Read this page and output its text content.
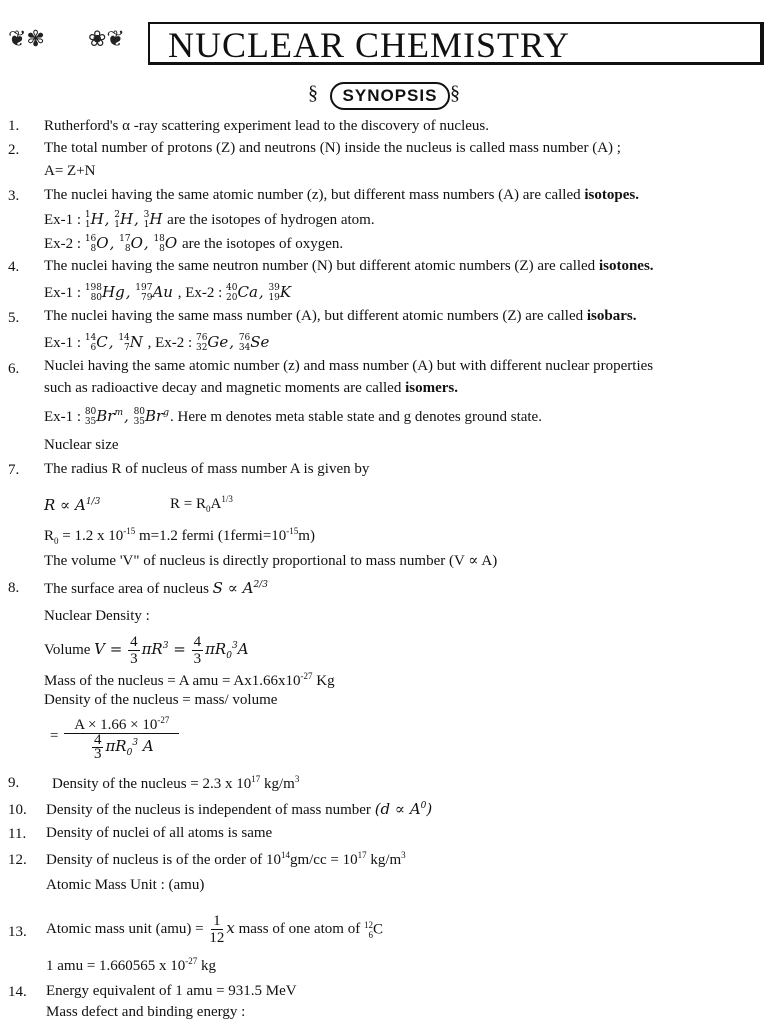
❦✾ ❀❦ NUCLEAR CHEMISTRY
§	SYNOPSIS §
1. Rutherford's α -ray scattering experiment lead to the discovery of nucleus.
2. The total number of protons (Z) and neutrons (N) inside the nucleus is called mass number (A) ;
A= Z+N
3. The nuclei having the same atomic number (z), but different mass numbers (A) are called isotopes.
Ex-1 : 1
1 H, 2
1 H, 3
1 H are the isotopes of hydrogen atom.
Ex-2 : 16
8 O, 17
8 O, 18
8 O are the isotopes of oxygen.
4. The nuclei having the same neutron number (N) but different atomic numbers (Z) are called isotones.
Ex-1 : 198
80 Hg, 197
79 Au , Ex-2 : 40
20 Ca, 39
19 K
5. The nuclei having the same mass number (A), but different atomic numbers (Z) are called isobars.
Ex-1 : 14
6 C, 14
7 N , Ex-2 : 76
32 Ge, 76
34 Se
6. Nuclei having the same atomic number (z) and mass number (A) but with different nuclear properties
such as radioactive decay and magnetic moments are called isomers.
Ex-1 : 80
35 Br$^m$, 80
35 Br$^g$. Here m denotes meta stable state and g denotes ground state.
Nuclear size
7. The radius R of nucleus of mass number A is given by
$R \propto A^{1/3}$	$R = R_0A^{1/3}$
$R_0 = 1.2$ x $10^{-15}$ m=1.2 fermi $(1fermi=10^{-15}m)$
The volume 'V" of nucleus is directly proportional to mass number (V ∝ A)
8. The surface area of nucleus $S \propto A^{2/3}$
Nuclear Density :
Volume $V = \frac{4}{3} \pi R^3 = \frac{4}{3} \pi R_0^3A$
Mass of the nucleus = A amu = $Ax1.66x10^{-27}$ Kg
Density of the nucleus = mass/ volume
= $\frac{A \times 1.66 \times 10^{-27}}{\frac{4}{3} \pi R_0^3 A}$
9. Density of the nucleus = 2.3 x $10^{17}$ $kg/m^3$
10. Density of the nucleus is independent of mass number $(d \propto A^0)$
11. Density of nuclei of all atoms is same
12. Density of nucleus is of the order of $10^{14}gm/cc = 10^{17}$ $kg/m^3$
Atomic Mass Unit : (amu)
13. Atomic mass unit $(amu) = \frac{1}{12}$ x mass of one atom of 12
6 C
1 amu = 1.660565 x $10^{-27}$ kg
14. Energy equivalent of 1 amu = 931.5 MeV
Mass defect and binding energy :
